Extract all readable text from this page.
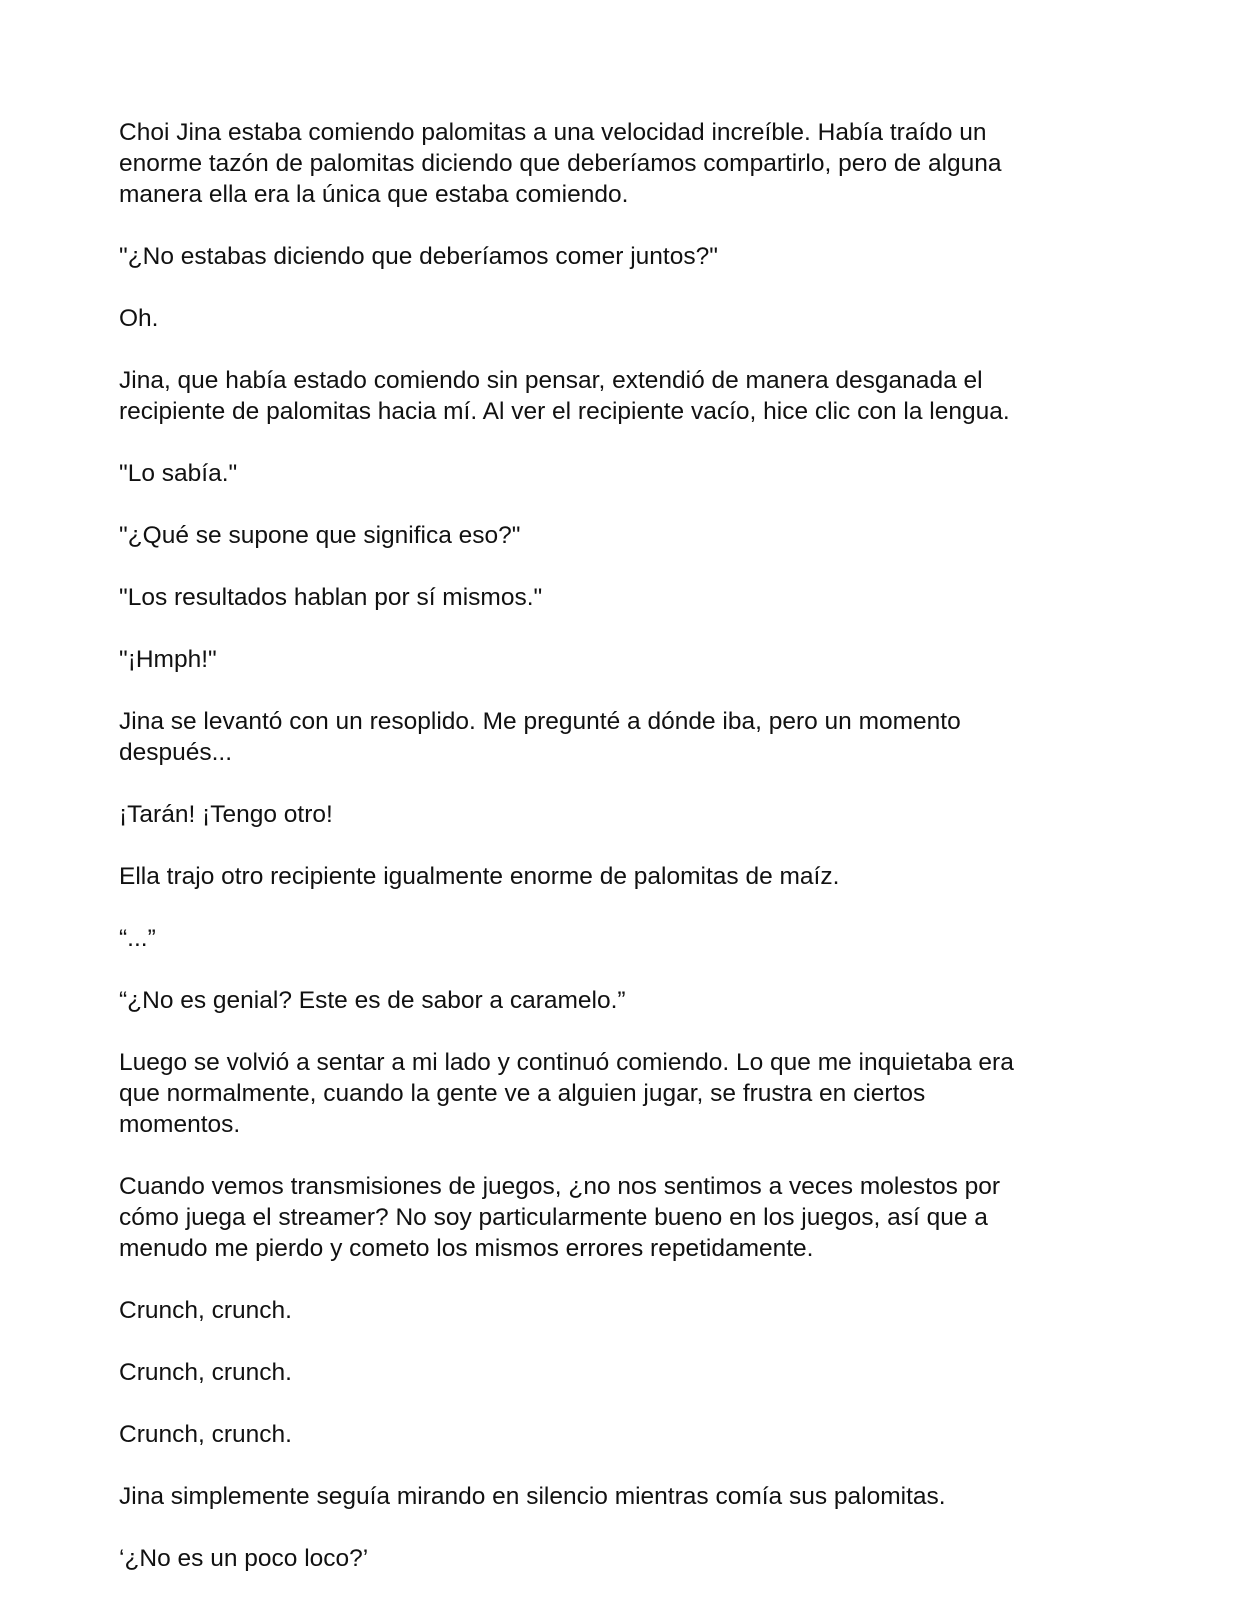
Choi Jina estaba comiendo palomitas a una velocidad increíble. Había traído un
enorme tazón de palomitas diciendo que deberíamos compartirlo, pero de alguna
manera ella era la única que estaba comiendo.

"¿No estabas diciendo que deberíamos comer juntos?"

Oh.

Jina, que había estado comiendo sin pensar, extendió de manera desganada el
recipiente de palomitas hacia mí. Al ver el recipiente vacío, hice clic con la lengua.

"Lo sabía."

"¿Qué se supone que significa eso?"

"Los resultados hablan por sí mismos."

"¡Hmph!"

Jina se levantó con un resoplido. Me pregunté a dónde iba, pero un momento
después...

¡Tarán! ¡Tengo otro!

Ella trajo otro recipiente igualmente enorme de palomitas de maíz.

“...”

“¿No es genial? Este es de sabor a caramelo.”

Luego se volvió a sentar a mi lado y continuó comiendo. Lo que me inquietaba era
que normalmente, cuando la gente ve a alguien jugar, se frustra en ciertos
momentos.

Cuando vemos transmisiones de juegos, ¿no nos sentimos a veces molestos por
cómo juega el streamer? No soy particularmente bueno en los juegos, así que a
menudo me pierdo y cometo los mismos errores repetidamente.

Crunch, crunch.

Crunch, crunch.

Crunch, crunch.

Jina simplemente seguía mirando en silencio mientras comía sus palomitas.

‘¿No es un poco loco?’
